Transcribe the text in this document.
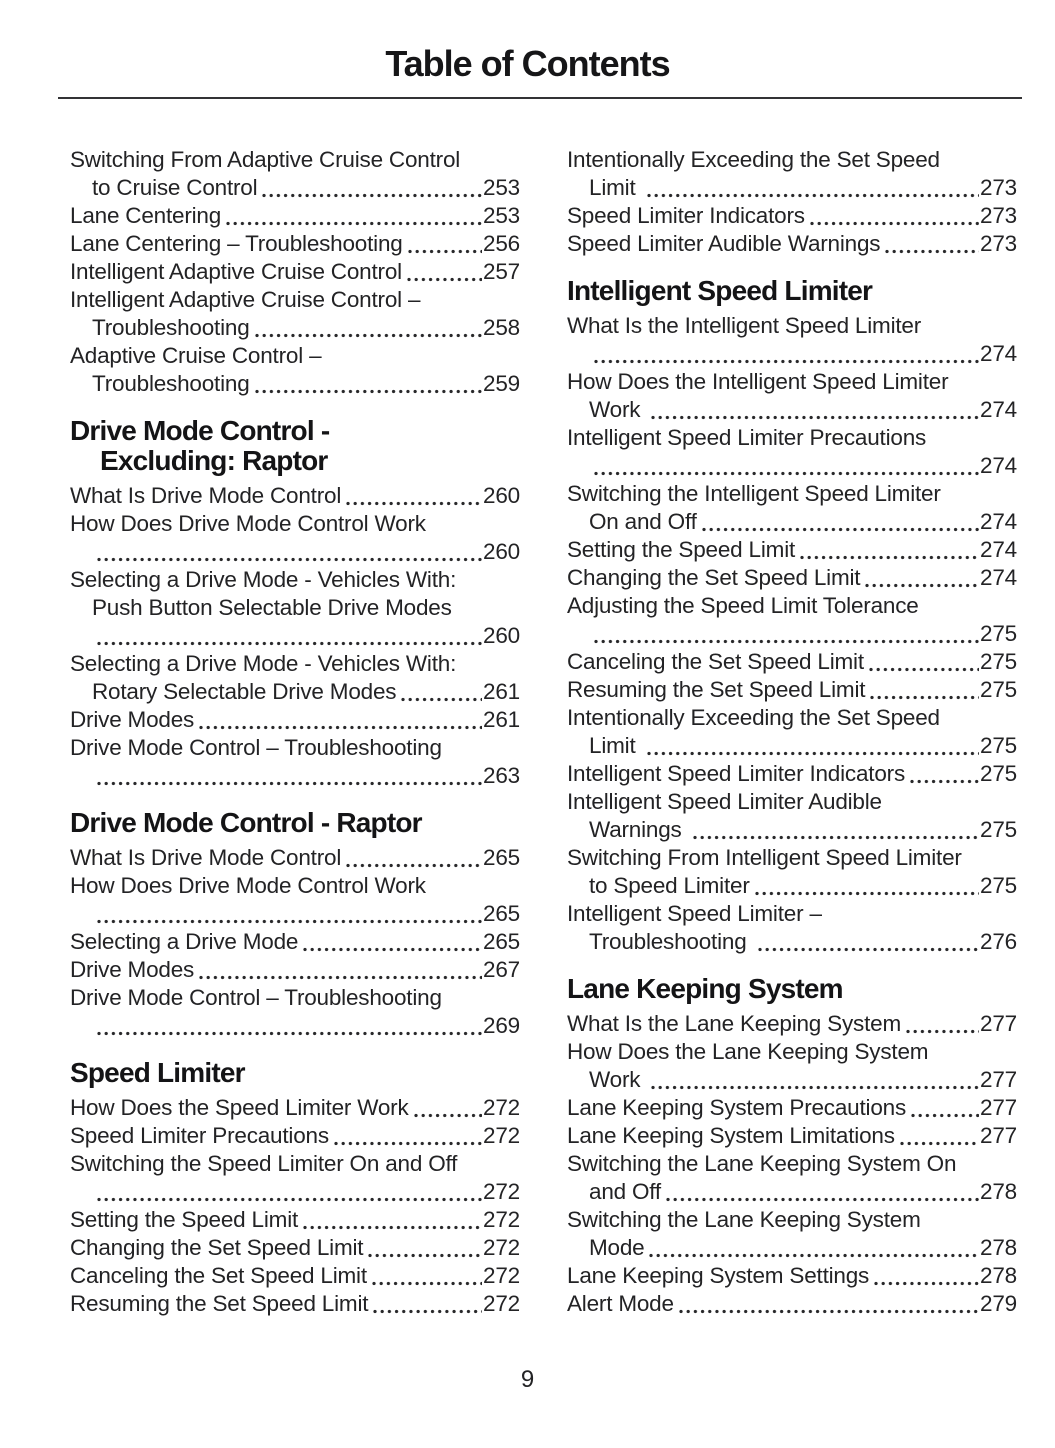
Table of Contents
Switching From Adaptive Cruise Control
to Cruise Control	253
Lane Centering	253
Lane Centering – Troubleshooting	256
Intelligent Adaptive Cruise Control	257
Intelligent Adaptive Cruise Control –
Troubleshooting	258
Adaptive Cruise Control –
Troubleshooting	259
Drive Mode Control -
Excluding: Raptor
What Is Drive Mode Control	260
How Does Drive Mode Control Work
260
Selecting a Drive Mode - Vehicles With:
Push Button Selectable Drive Modes
260
Selecting a Drive Mode - Vehicles With:
Rotary Selectable Drive Modes	261
Drive Modes	261
Drive Mode Control – Troubleshooting
263
Drive Mode Control - Raptor
What Is Drive Mode Control	265
How Does Drive Mode Control Work
265
Selecting a Drive Mode	265
Drive Modes	267
Drive Mode Control – Troubleshooting
269
Speed Limiter
How Does the Speed Limiter Work	272
Speed Limiter Precautions	272
Switching the Speed Limiter On and Off
272
Setting the Speed Limit	272
Changing the Set Speed Limit	272
Canceling the Set Speed Limit	272
Resuming the Set Speed Limit	272
Intentionally Exceeding the Set Speed
Limit	273
Speed Limiter Indicators	273
Speed Limiter Audible Warnings	273
Intelligent Speed Limiter
What Is the Intelligent Speed Limiter
274
How Does the Intelligent Speed Limiter
Work	274
Intelligent Speed Limiter Precautions
274
Switching the Intelligent Speed Limiter
On and Off	274
Setting the Speed Limit	274
Changing the Set Speed Limit	274
Adjusting the Speed Limit Tolerance
275
Canceling the Set Speed Limit	275
Resuming the Set Speed Limit	275
Intentionally Exceeding the Set Speed
Limit	275
Intelligent Speed Limiter Indicators	275
Intelligent Speed Limiter Audible
Warnings	275
Switching From Intelligent Speed Limiter
to Speed Limiter	275
Intelligent Speed Limiter –
Troubleshooting	276
Lane Keeping System
What Is the Lane Keeping System	277
How Does the Lane Keeping System
Work	277
Lane Keeping System Precautions	277
Lane Keeping System Limitations	277
Switching the Lane Keeping System On
and Off	278
Switching the Lane Keeping System
Mode	278
Lane Keeping System Settings	278
Alert Mode	279
9
